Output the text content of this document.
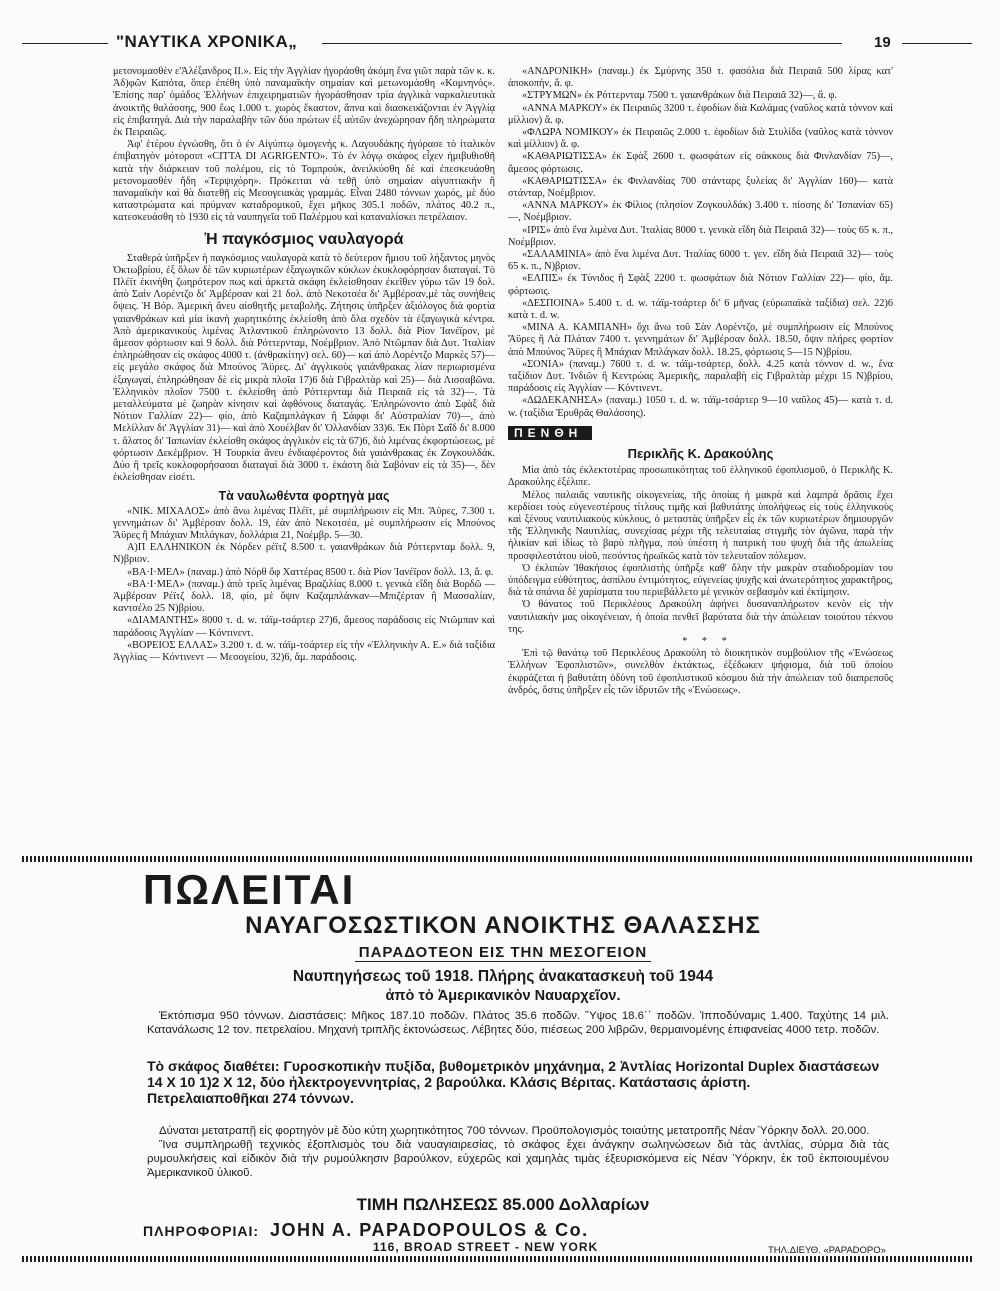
"ΝΑΥΤΙΚΑ ΧΡΟΝΙΚΑ„	19

μετονομασθὲν ε'Ἀλέξανδρος ΙΙ.». Εἰς τὴν Ἀγγλίαν ἠγοράσθη ἀκόμη ἕνα γιῶτ παρὰ τῶν κ. κ. Ἀδ)φῶν Καπότα, ὅπερ ἐπέθη ὑπὸ παναμαϊκὴν σημαίαν καὶ μετωνομάσθη «Κομνηνός». Ἐπίσης παρ' ὁμάδος Ἑλλήνων ἐπιχειρηματιῶν ἠγοράσθησαν τρία ἀγγλικὰ ναρκαλιευτικὰ ἀνοικτῆς θαλάσσης, 900 ἕως 1.000 τ. χωρὸς ἕκαστον, ἅπνα καὶ διασκευάζονται ἐν Ἀγγλίᾳ εἰς ἐπιβατηγά. Διὰ τὴν παραλαβὴν τῶν δύο πρώτων ἐξ αὐτῶν ἀνεχώρησαν ἤδη πληρώματα ἐκ Πειραιῶς.

Ἀφ' ἑτέρου ἐγνώσθη, ὅτι ὁ ἐν Αἰγύπτῳ ὁμογενὴς κ. Λαγουδάκης ἠγόρασε τὸ ἰταλικὸν ἐπιβατηγὸν μότορσιπ «CITTA DI AGRIGENTO». Τὸ ἐν λόγῳ σκάφος εἶχεν ἡμιβυθισθῆ κατὰ τὴν διάρκειαν τοῦ πολέμου, εἰς τὸ Τομπρούκ, ἀνειλκύσθη δὲ καὶ ἐπεσκευάσθη μετονομασθὲν ἤδη «Τερψιχόρη». Πρόκειται νὰ τεθῇ ὑπὸ σημαίαν αἰγυπτιακὴν ἢ παναμαϊκὴν καὶ θὰ διατεθῇ εἰς Μεσογειακὰς γραμμάς. Εἶναι 2480 τόννων χωρός, μὲ δύο καταστρώματα καὶ πρύμναν καταδρομικοῦ, ἔχει μῆκος 305.1 ποδῶν, πλάτος 40.2 π., κατεσκευάσθη τὸ 1930 εἰς τὰ ναυπηγεῖα τοῦ Παλέρμου καὶ καταναλίσκει πετρέλαιον.

Ἡ παγκόσμιος ναυλαγορά

Σταθερὰ ὑπῆρξεν ἡ παγκόσμιος ναυλαγορὰ κατὰ τὸ δεύτερον ἥμισυ τοῦ λήξαντος μηνὸς Ὀκτωβρίου, ἐξ ὅλων δὲ τῶν κυριωτέρων ἐξαγωγικῶν κύκλων ἐκυκλοφόρησαν διαταγαί. Τὸ Πλέϊτ ἐκινήθη ζωηρότερον πως καὶ ἀρκετὰ σκάφη ἐκλείσθησαν ἐκεῖθεν γύρω τῶν 19 δολ. ἀπὸ Σαὶν Λορέντζο δι' Ἀμβέρσαν καὶ 21 δολ. ἀπὸ Νεκοτσέα δι' Ἀμβέρσαν,μὲ τὰς συνήθεις ὄψεις. Ἡ Βόρ. Ἀμερικὴ ἄνευ αἰσθητῆς μεταβολῆς. Ζήτησις ὑπῆρξεν ἀξιόλογος διὰ φορτία γαιανθράκων καὶ μία ἱκανὴ χωρητικότης ἐκλείσθη ἀπὸ ὅλα σχεδὸν τὰ ἐξαγωγικὰ κέντρα. Ἀπὸ ἀμερικανικοὺς λιμένας Ἀτλαντικοῦ ἐπληρώνοντο 13 δολλ. διὰ Ρίον Ἰανέϊρον, μὲ ἄμεσον φόρτωσιν καὶ 9 δολλ. διὰ Ρόττερνταμ, Νοέμβριον. Ἀπὸ Ντῶμπαν διὰ Δυτ. Ἰταλίαν ἐπληρώθησαν εἰς σκάφος 4000 τ. (ἀνθρακίτην) σελ. 60)— καὶ ἀπὸ Λορέντζο Μαρκὲς 57)— εἰς μεγάλο σκάφος διὰ Μπούνος Ἄϋρες. Δι' ἀγγλικοὺς γαιάνθρακας λίαν περιωρισμένα ἐξαγωγαί, ἐπληρώθησαν δὲ εἰς μικρὰ πλοῖα 17)6 διὰ Γιβραλτὰρ καὶ 25)— διὰ Λισσαβῶνα. Ἑλληνικὸν πλοῖον 7500 τ. ἐκλείσθη ἀπὸ Ρόττερνταμ διὰ Πειραιᾶ εἰς τὰ 32)—. Τὰ μεταλλεύματα μὲ ζωηρὰν κίνησιν καὶ ἀφθόνους διαταγάς. Ἐπληρώνοντο ἀπὸ Σφὰξ διὰ Νότιον Γαλλίαν 22)— φίο, ἀπὸ Καζαμπλάγκαν ἢ Σάφφι δι' Αὐστραλίαν 70)—, ἀπὸ Μελίλλαν δι' Ἀγγλίαν 31)— καὶ ἀπὸ Χουέλβαν δι' Ὁλλανδίαν 33)6. Ἐκ Πὸρτ Σαΐδ δι' 8.000 τ. ἅλατος δι' Ἰαπωνίαν ἐκλείσθη σκάφος ἀγγλικὸν εἰς τὰ 67)6, διὸ λιμένας ἐκφορτώσεως, μὲ φόρτωσιν Δεκέμβριον. Ἡ Τουρκία ἄνευ ἐνδιαφέροντος διὰ γαιάνθρακας ἐκ Ζογκουλδάκ. Δύο ἢ τρεῖς κυκλοφορήσασαι διαταγαὶ διὰ 3000 τ. ἑκάστη διὰ Σαβόναν εἰς τὰ 35)—, δὲν ἐκλείσθησαν εἰσέτι.

Τὰ ναυλωθέντα φορτηγὰ μας

«ΝΙΚ. ΜΙΧΑΛΟΣ» ἀπὸ ἄνω λιμένας Πλέϊτ, μὲ συμπλήρωσιν εἰς Μπ. Ἄϋρες, 7.300 τ. γεννημάτων δι' Ἀμβέρσαν δολλ. 19, ἐὰν ἀπὸ Νεκοτσέα, μὲ συμπλήρωσιν εἰς Μπούνος Ἄϋρες ἢ Μπάχιαν Μπλάγκαν, δολλάρια 21, Νοέμβρ. 5—30.

Α)Π ΕΛΛΗΝΙΚΟΝ ἐκ Νόρδεν ρέϊτζ 8.500 τ. γαιανθράκων διὰ Ρόττερνταμ δολλ. 9, Ν)βριον.

«ΒΑ·Ι·ΜΕΛ» (παναμ.) ἀπὸ Νόρθ ὄφ Χαττέρας 8500 τ. διὰ Ρίον Ἰανέϊρον δολλ. 13, ἅ. φ.

«ΒΑ·Ι·ΜΕΛ» (παναμ.) ἀπὸ τρεῖς λιμένας Βραζιλίας 8.000 τ. γενικὰ εἴδη διὰ Βορδῶ — Ἀμβέρσαν Ρέϊτζ δολλ. 18, φίο, μὲ ὄψιν Καζαμπλάνκαν—Μπιζέρταν ἢ Μασσαλίαν, καντσέλο 25 Ν)βρίου.

«ΔΙΑΜΑΝΤΗΣ» 8000 τ. d. w. τάϊμ-τσάρτερ 27)6, ἄμεσος παράδοσις εἰς Ντῶμπαν καὶ παράδοσις Ἀγγλίαν — Κόντινεντ.

«ΒΟΡΕΙΟΣ ΕΛΛΑΣ» 3.200 τ. d. w. τάϊμ-τσάρτερ εἰς τὴν «Ἑλληνικὴν Α. Ε.» διὰ ταξίδια Ἀγγλίας — Κόντινεντ — Μεσογείου, 32)6, ἅμ. παράδοσις.

«ΑΝΔΡΟΝΙΚΗ» (παναμ.) ἐκ Σμύρνης 350 τ. φασόλια διὰ Πειραιᾶ 500 λίρας κατ' ἀποκοπήν, ἅ. φ.

«ΣΤΡΥΜΩΝ» ἐκ Ρόττερνταμ 7500 τ. γαιανθράκων διὰ Πειραιᾶ 32)—, ἅ. φ.

«ΑΝΝΑ ΜΑΡΚΟΥ» ἐκ Πειραιῶς 3200 τ. ἐφοδίων διὰ Καλάμας (ναῦλος κατὰ τόννον καὶ μίλλιον) ἅ. φ.

«ΦΛΩΡΑ ΝΟΜΙΚΟΥ» ἐκ Πειραιῶς 2.000 τ. ἐφοδίων διὰ Στυλίδα (ναῦλος κατὰ τόννον καὶ μίλλιον) ἅ. φ.

«ΚΑΘΑΡΙΩΤΙΣΣΑ» ἐκ Σφὰξ 2600 τ. φωσφάτων εἰς σάκκους διὰ Φινλανδίαν 75)—, ἄμεσος φόρτωσις.

«ΚΑΘΑΡΙΩΤΙΣΣΑ» ἐκ Φινλανδίας 700 στάνταρς ξυλείας δι' Ἀγγλίαν 160)— κατὰ στάνταρ, Νοέμβριον.

«ΑΝΝΑ ΜΑΡΚΟΥ» ἐκ Φίλιος (πλησίον Ζογκουλδάκ) 3.400 τ. πίσσης δι' Ἰσπανίαν 65)—, Νοέμβριον.

«ΙΡΙΣ» ἀπὸ ἕνα λιμένα Δυτ. Ἰταλίας 8000 τ. γενικὰ εἴδη διὰ Πειραιᾶ 32)— τοὺς 65 κ. π., Νοέμβριον.

«ΣΑΛΑΜΙΝΙΑ» ἀπὸ ἕνα λιμένα Δυτ. Ἰταλίας 6000 τ. γεν. εἴδη διὰ Πειραιᾶ 32)— τοὺς 65 κ. π., Ν)βριον.

«ΕΛΠΙΣ» ἐκ Τύνιδος ἢ Σφὰξ 2200 τ. φωσφάτων διὰ Νότιον Γαλλίαν 22)— φίο, ἅμ. φόρτωσις.

«ΔΕΣΠΟΙΝΑ» 5.400 τ. d. w. τάϊμ-τσάρτερ δι' 6 μῆνας (εὐρωπαϊκὰ ταξίδια) σελ. 22)6 κατὰ τ. d. w.

«ΜΙΝΑ Α. ΚΑΜΠΑΝΗ» ὄχι ἄνω τοῦ Σὰν Λορέντζο, μὲ συμπλήρωσιν εἰς Μπούνος Ἄϋρες ἢ Λὰ Πλάταν 7400 τ. γεννημάτων δι' Ἀμβέρσαν δολλ. 18.50, ὄψιν πλήρες φορτίον ἀπὸ Μπούνος Ἄϋρες ἢ Μπάχιαν Μπλάγκαν δολλ. 18.25, φόρτωσις 5—15 Ν)βρίου.

«ΣΟΝΙΑ» (παναμ.) 7600 τ. d. w. τάϊμ-τσάρτερ, δολλ. 4.25 κατὰ τόννον d. w., ἕνα ταξίδιον Δυτ. Ἰνδιῶν ἢ Κεντρώας Ἀμερικῆς, παραλαβὴ εἰς Γιβραλτὰρ μέχρι 15 Ν)βρίου, παράδοσις εἰς Ἀγγλίαν — Κόντινεντ.

«ΔΩΔΕΚΑΝΗΣΑ» (παναμ.) 1050 τ. d. w. τάϊμ-τσάρτερ 9—10 ναῦλος 45)— κατὰ τ. d. w. (ταξίδια Ἐρυθρᾶς Θαλάσσης).

ΠΕΝΘΗ
Περικλῆς Κ. Δρακούλης

Μία ἀπὸ τὰς ἐκλεκτοτέρας προσωπικότητας τοῦ ἑλληνικοῦ ἐφοπλισμοῦ, ὁ Περικλῆς Κ. Δρακούλης ἐξέλιπε.

Μέλος παλαιᾶς ναυτικῆς οἰκογενείας, τῆς ὁποίας ἡ μακρὰ καὶ λαμπρὰ δρᾶσις ἔχει κερδίσει τοὺς εὐγενεστέρους τίτλους τιμῆς καὶ βαθυτάτης ὑπολήψεως εἰς τοὺς ἑλληνικοὺς καὶ ξένους ναυτιλιακοὺς κύκλους, ὁ μεταστὰς ὑπῆρξεν εἷς ἐκ τῶν κυριωτέρων δημιουργῶν τῆς Ἑλληνικῆς Ναυτιλίας, συνεχίσας μέχρι τῆς τελευταίας στιγμῆς τὸν ἀγῶνα, παρὰ τὴν ἡλικίαν καὶ ἰδίως τὸ βαρὺ πλῆγμα, ποὺ ὑπέστη ἡ πατρικὴ του ψυχὴ διὰ τῆς ἀπωλείας προσφιλεστάτου υἱοῦ, πεσόντος ἡρωϊκῶς κατὰ τὸν τελευταῖον πόλεμον.

Ὁ ἐκλιπὼν Ἰθακήσιος ἐφοπλιστὴς ὑπῆρξε καθ' ὅλην τὴν μακρὰν σταδιοδρομίαν του ὑπόδειγμα εὐθύτητος, ἀσπίλου ἐντιμότητος, εὐγενείας ψυχῆς καὶ ἀνωτερότητος χαρακτῆρος, διὰ τὰ σπάνια δὲ χαρίσματα του περιεβάλλετο μὲ γενικὸν σεβασμὸν καὶ ἐκτίμησιν.

Ὁ θάνατος τοῦ Περικλέους Δρακούλη ἀφήνει δυσαναπλήρωτον κενὸν εἰς τὴν ναυτιλιακὴν μας οἰκογένειαν, ἡ ὁποία πενθεῖ βαρύτατα διὰ τὴν ἀπώλειαν τοιούτου τέκνου της.

* * *

Ἐπὶ τῷ θανάτῳ τοῦ Περικλέους Δρακούλη τὸ διοικητικὸν συμβούλιον τῆς «Ἑνώσεως Ἑλλήνων Ἐφοπλιστῶν», συνελθὸν ἐκτάκτως, ἐξέδωκεν ψήφισμα, διὰ τοῦ ὁποίου ἐκφράζεται ἡ βαθυτάτη ὀδύνη τοῦ ἐφοπλιστικοῦ κόσμου διὰ τὴν ἀπώλειαν τοῦ διαπρεποῦς ἀνδρός, ὅστις ὑπῆρξεν εἷς τῶν ἱδρυτῶν τῆς «Ἑνώσεως».

ΠΩΛΕΙΤΑΙ
ΝΑΥΑΓΟΣΩΣΤΙΚΟΝ ΑΝΟΙΚΤΗΣ ΘΑΛΑΣΣΗΣ
ΠΑΡΑΔΟΤΕΟΝ ΕΙΣ ΤΗΝ ΜΕΣΟΓΕΙΟΝ
Ναυπηγήσεως τοῦ 1918. Πλήρης ἀνακατασκευὴ τοῦ 1944
ἀπὸ τὸ Ἀμερικανικὸν Ναυαρχεῖον.

Ἐκτόπισμα 950 τόννων. Διαστάσεις: Μῆκος 187.10 ποδῶν. Πλάτος 35.6 ποδῶν. Ὕψος 18.6΄΄ ποδῶν. Ἱπποδύναμις 1.400. Ταχύτης 14 μιλ. Κατανάλωσις 12 τον. πετρελαίου. Μηχανὴ τριπλῆς ἐκτονώσεως. Λέβητες δύο, πιέσεως 200 λιβρῶν, θερμαινομένης ἐπιφανείας 4000 τετρ. ποδῶν.

Τὸ σκάφος διαθέτει: Γυροσκοπικὴν πυξίδα, βυθομετρικὸν μηχάνημα, 2 Ἀντλίας Horizontal Duplex διαστάσεων 14 Χ 10 1)2 Χ 12, δύο ἠλεκτρογεννητρίας, 2 βαρούλκα. Κλάσις Βέριτας. Κατάστασις ἀρίστη.

Πετρελαιαποθῆκαι 274 τόννων.

Δύναται μετατραπῇ εἰς φορτηγὸν μὲ δύο κύτη χωρητικότητος 700 τόννων. Προϋπολογισμὸς τοιαύτης μετατροπῆς Νέαν Ὑόρκην δολλ. 20.000.

Ἵνα συμπληρωθῇ τεχνικὸς ἐξοπλισμὸς του διὰ ναυαγιαιρεσίας, τὸ σκάφος ἔχει ἀνάγκην σωληνώσεων διὰ τὰς ἀντλίας, σύρμα διὰ τὰς ρυμουλκήσεις καὶ εἰδικὸν διὰ τὴν ρυμούλκησιν βαρούλκον, εὐχερῶς καὶ χαμηλὰς τιμὰς ἐξευρισκόμενα εἰς Νέαν Ὑόρκην, ἐκ τοῦ ἐκποιουμένου Ἀμερικανικοῦ ὑλικοῦ.

ΤΙΜΗ ΠΩΛΗΣΕΩΣ 85.000 Δολλαρίων
ΠΛΗΡΟΦΟΡΙΑΙ: JOHN A. PAPADOPOULOS & Co.
116, BROAD STREET - NEW YORK	ΤΗΛ.ΔΙΕΥΘ. «PAPADOPO»
